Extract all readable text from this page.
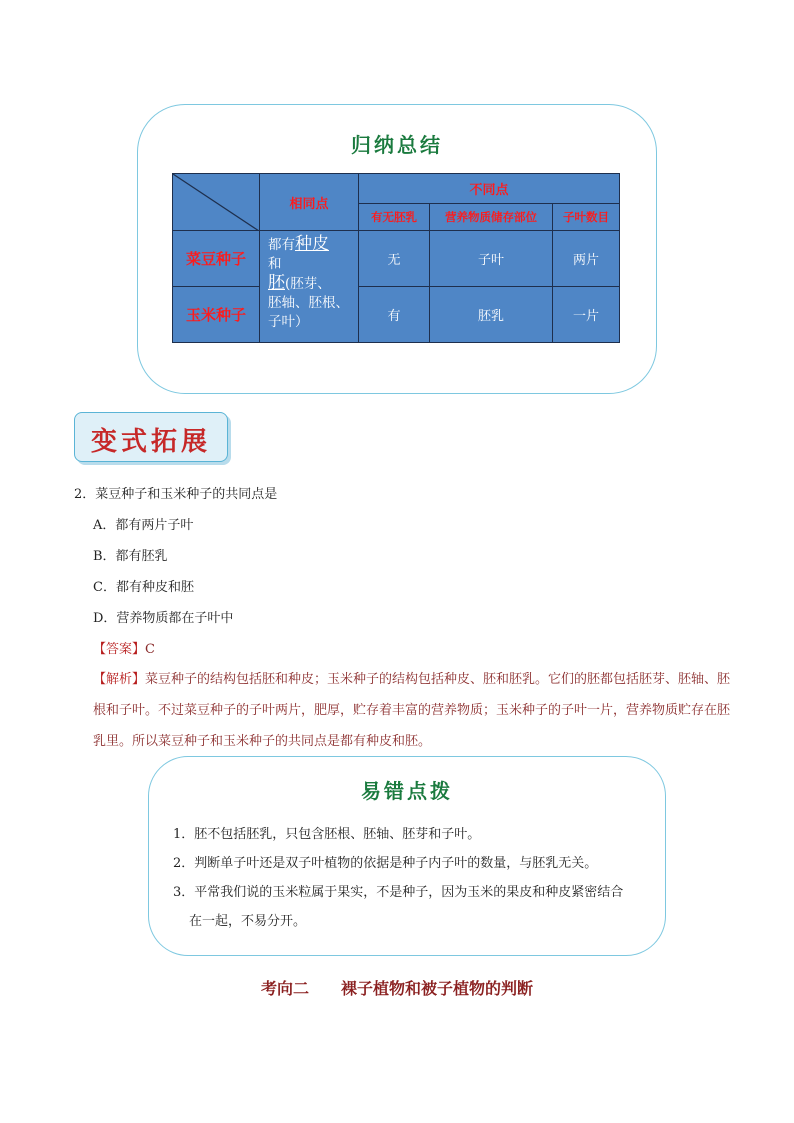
归纳总结
	相同点	不同点		
		有无胚乳	营养物质储存部位	子叶数目
菜豆种子	都有种皮
和
胚(胚芽、
胚轴、胚根、
子叶）	无	子叶	两片
玉米种子		有	胚乳	一片
变式拓展
2．菜豆种子和玉米种子的共同点是
A．都有两片子叶
B．都有胚乳
C．都有种皮和胚
D．营养物质都在子叶中
【答案】C
【解析】菜豆种子的结构包括胚和种皮；玉米种子的结构包括种皮、胚和胚乳。它们的胚都包括胚芽、胚轴、胚根和子叶。不过菜豆种子的子叶两片，肥厚，贮存着丰富的营养物质；玉米种子的子叶一片，营养物质贮存在胚乳里。所以菜豆种子和玉米种子的共同点是都有种皮和胚。
易错点拨
1．胚不包括胚乳，只包含胚根、胚轴、胚芽和子叶。
2．判断单子叶还是双子叶植物的依据是种子内子叶的数量，与胚乳无关。
3．平常我们说的玉米粒属于果实，不是种子，因为玉米的果皮和种皮紧密结合
在一起，不易分开。
考向二　　裸子植物和被子植物的判断
